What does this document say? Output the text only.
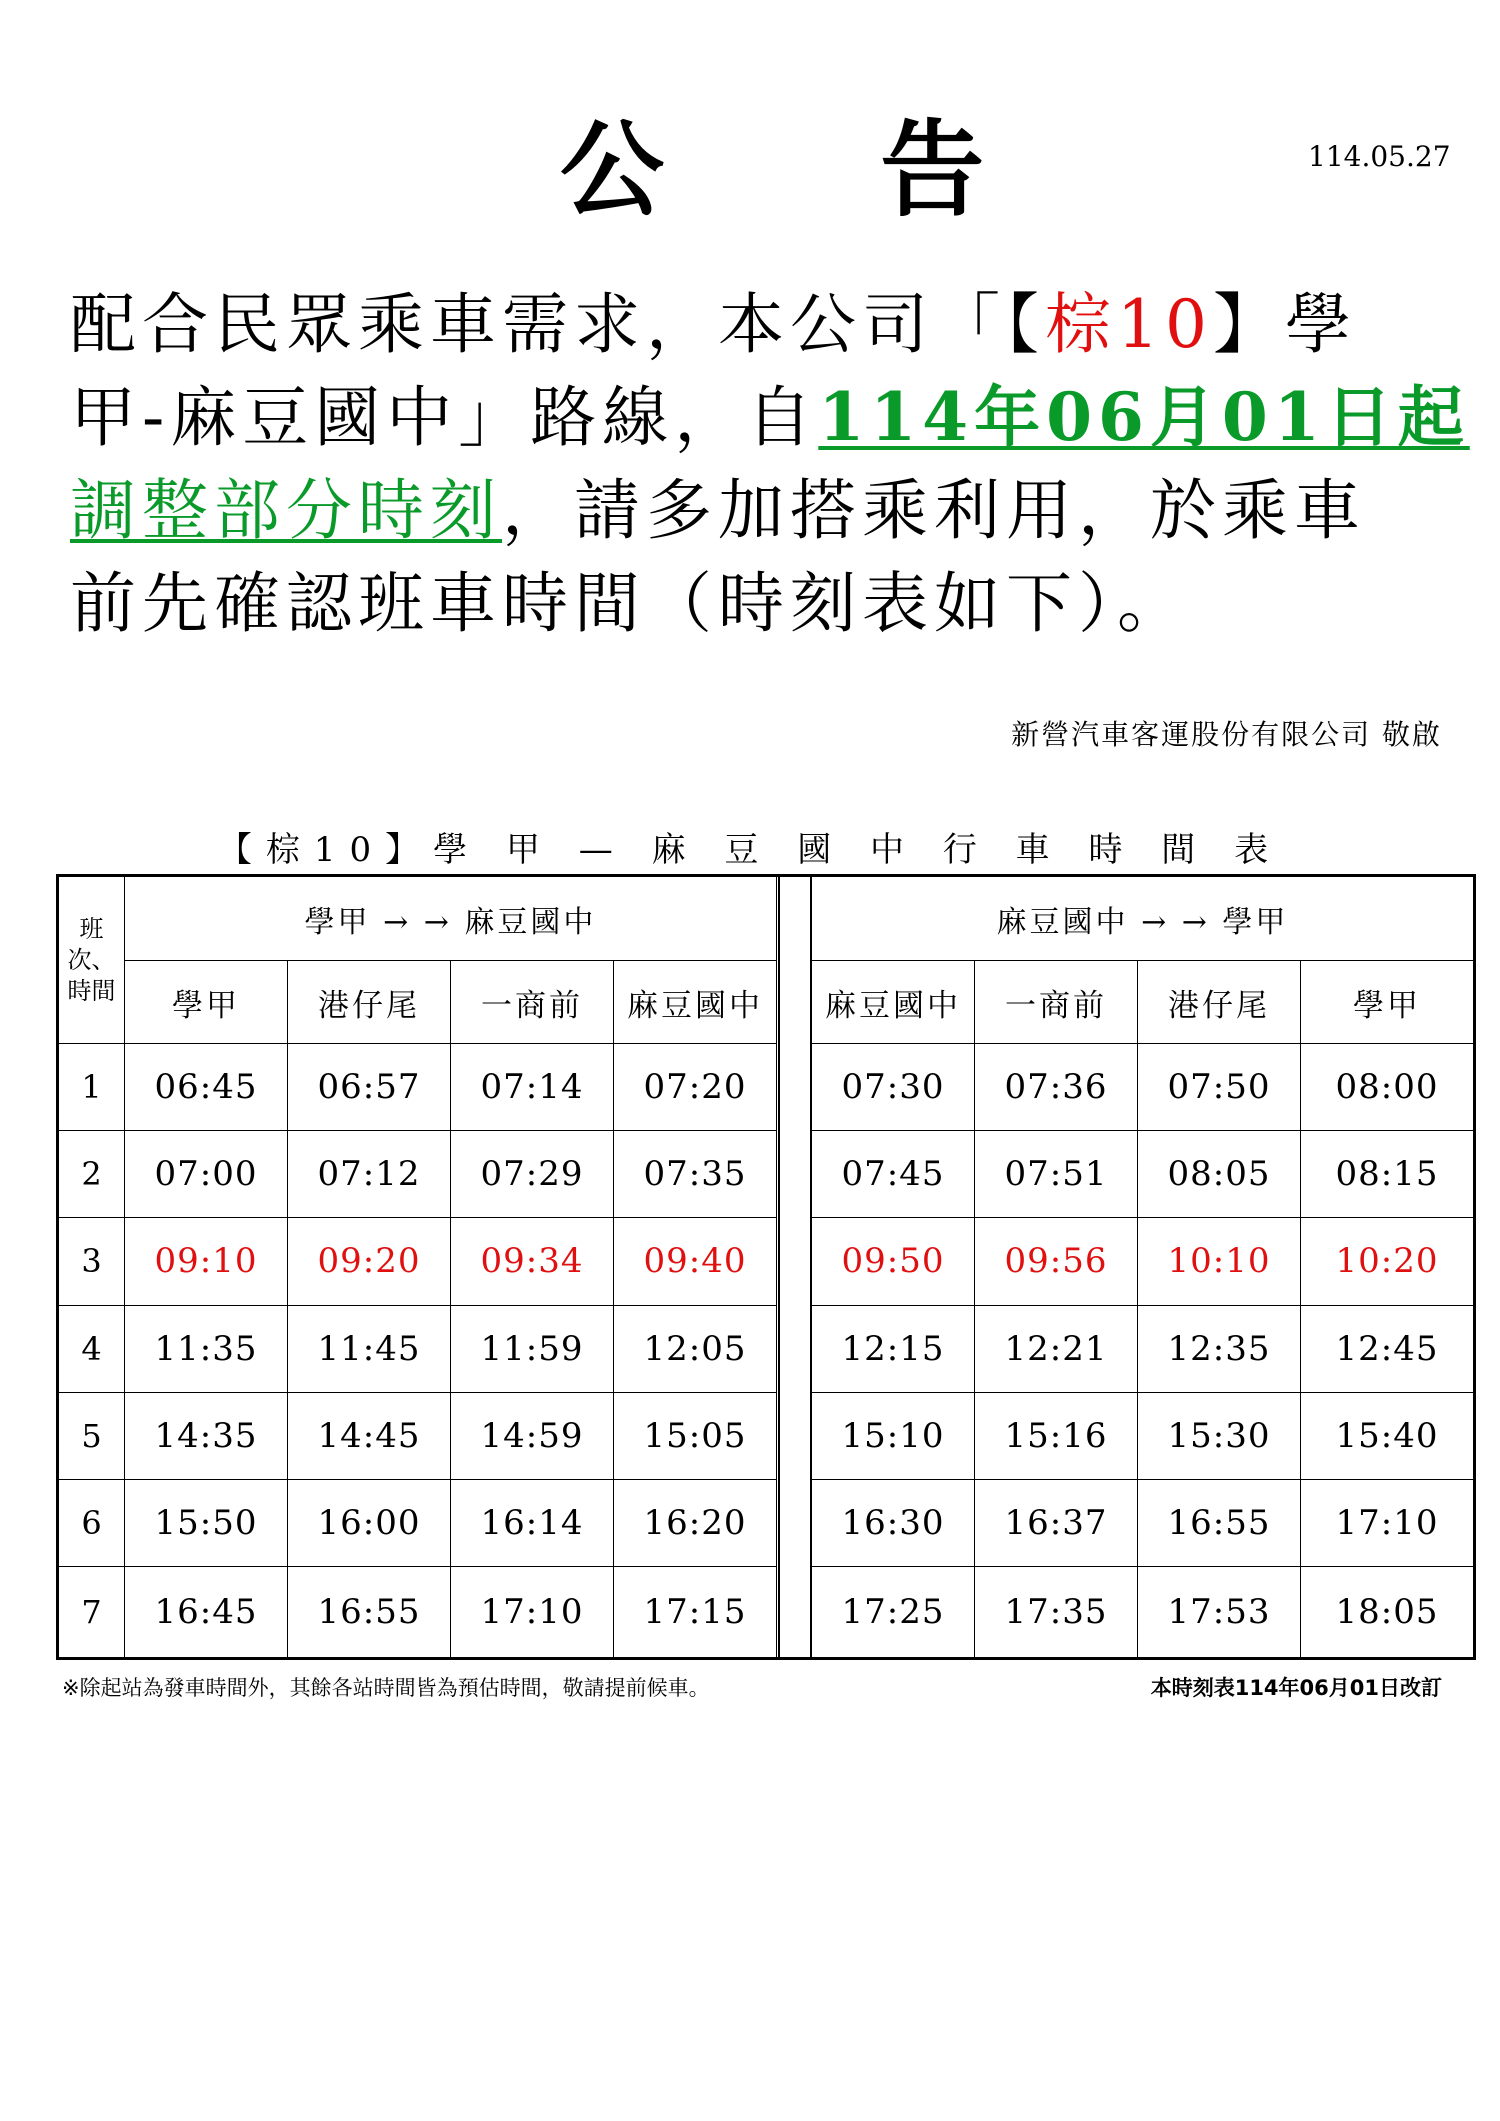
公 告	114.05.27
配合民眾乘車需求，本公司「【棕10】學
甲-麻豆國中」路線，自114年06月01日起
調整部分時刻，請多加搭乘利用，於乘車
前先確認班車時間（時刻表如下）。
新營汽車客運股份有限公司 敬啟
【棕10】學 甲 — 麻 豆 國 中 行 車 時 間 表
班
次、
時間
學甲 → → 麻豆國中	麻豆國中 → → 學甲
學甲	港仔尾	一商前	麻豆國中	麻豆國中	一商前	港仔尾	學甲
1	06:45 06:57 07:14 07:20	07:30 07:36 07:50 08:00
2	07:00 07:12 07:29 07:35	07:45 07:51 08:05 08:15
3	09:10 09:20 09:34 09:40	09:50 09:56 10:10 10:20
4	11:35 11:45 11:59 12:05	12:15 12:21 12:35 12:45
5	14:35 14:45 14:59 15:05	15:10 15:16 15:30 15:40
6	15:50 16:00 16:14 16:20	16:30 16:37 16:55 17:10
7	16:45 16:55 17:10 17:15	17:25 17:35 17:53 18:05
※除起站為發車時間外，其餘各站時間皆為預估時間，敬請提前候車。	本時刻表114年06月01日改訂
